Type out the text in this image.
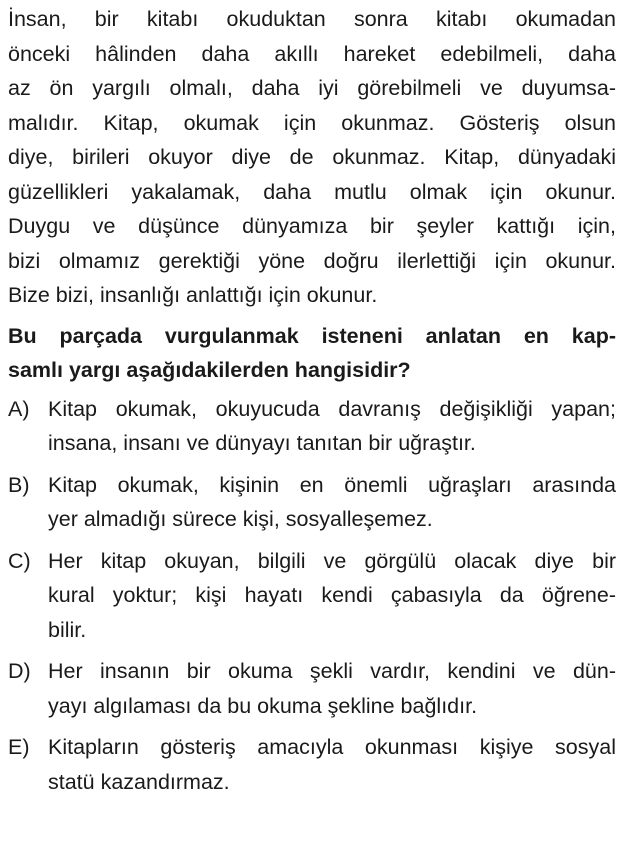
İnsan, bir kitabı okuduktan sonra kitabı okumadan
önceki hâlinden daha akıllı hareket edebilmeli, daha
az ön yargılı olmalı, daha iyi görebilmeli ve duyumsa-
malıdır. Kitap, okumak için okunmaz. Gösteriş olsun
diye, birileri okuyor diye de okunmaz. Kitap, dünyadaki
güzellikleri yakalamak, daha mutlu olmak için okunur.
Duygu ve düşünce dünyamıza bir şeyler kattığı için,
bizi olmamız gerektiği yöne doğru ilerlettiği için okunur.
Bize bizi, insanlığı anlattığı için okunur.
Bu parçada vurgulanmak isteneni anlatan en kap-
samlı yargı aşağıdakilerden hangisidir?
A) Kitap okumak, okuyucuda davranış değişikliği yapan;
insana, insanı ve dünyayı tanıtan bir uğraştır.
B) Kitap okumak, kişinin en önemli uğraşları arasında
yer almadığı sürece kişi, sosyalleşemez.
C) Her kitap okuyan, bilgili ve görgülü olacak diye bir
kural yoktur; kişi hayatı kendi çabasıyla da öğrene-
bilir.
D) Her insanın bir okuma şekli vardır, kendini ve dün-
yayı algılaması da bu okuma şekline bağlıdır.
E) Kitapların gösteriş amacıyla okunması kişiye sosyal
statü kazandırmaz.
